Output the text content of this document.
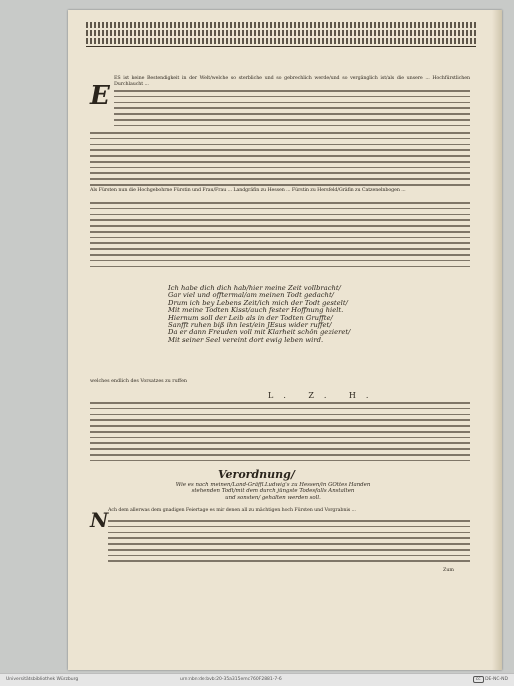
E
ES ist keine Bestendigkeit in der Welt/welche so sterbliche und so gebrechlich werde/und so vergänglich ist/als die unsere ... Hochfürstlichen Durchlaucht ...
Als Fürsten nun die Hochgebohrne Fürstin und Frau/Frau ... Landgräfin zu Hessen ... Fürstin zu Hersfeld/Gräfin zu Catzenelnbogen ...
Ich habe dich dich hab/hier meine Zeit vollbracht/
Gar viel und offtermal/am meinen Todt gedacht/
Drum ich bey Lebens Zeit/ich mich der Todt gestelt/
Mit meine Todten Kisst/auch fester Hoffnung hielt.
Hiernum soll der Leib als in der Todten Gruffte/
Sanfft ruhen biß ihn lest/ein JEsus wider ruffet/
Da er dann Freuden voll mit Klarheit schön gezieret/
Mit seiner Seel vereint dort ewig leben wird.
welches endlich des Vorsatzes zu ruffen
L. Z. H.
Verordnung/
Wie es nach meinen/Land-Gräffl.Ludwig's zu Hessen/in GOttes Handen
stehenden Todt/mit dem durch jüngste Todesfalls Anstalten
und sonsten/ gehalten werden soll.
N Ach dem allerwas dem gnadigen Feiertage es mir denen all zu mächtigen hoch Fürsten und Vorgrabnis ...
Zum
Universitätsbibliothek Würzburg	urn:nbn:de:bvb:20-35a315emc760F2881-7-6	cc DE-NC-ND
